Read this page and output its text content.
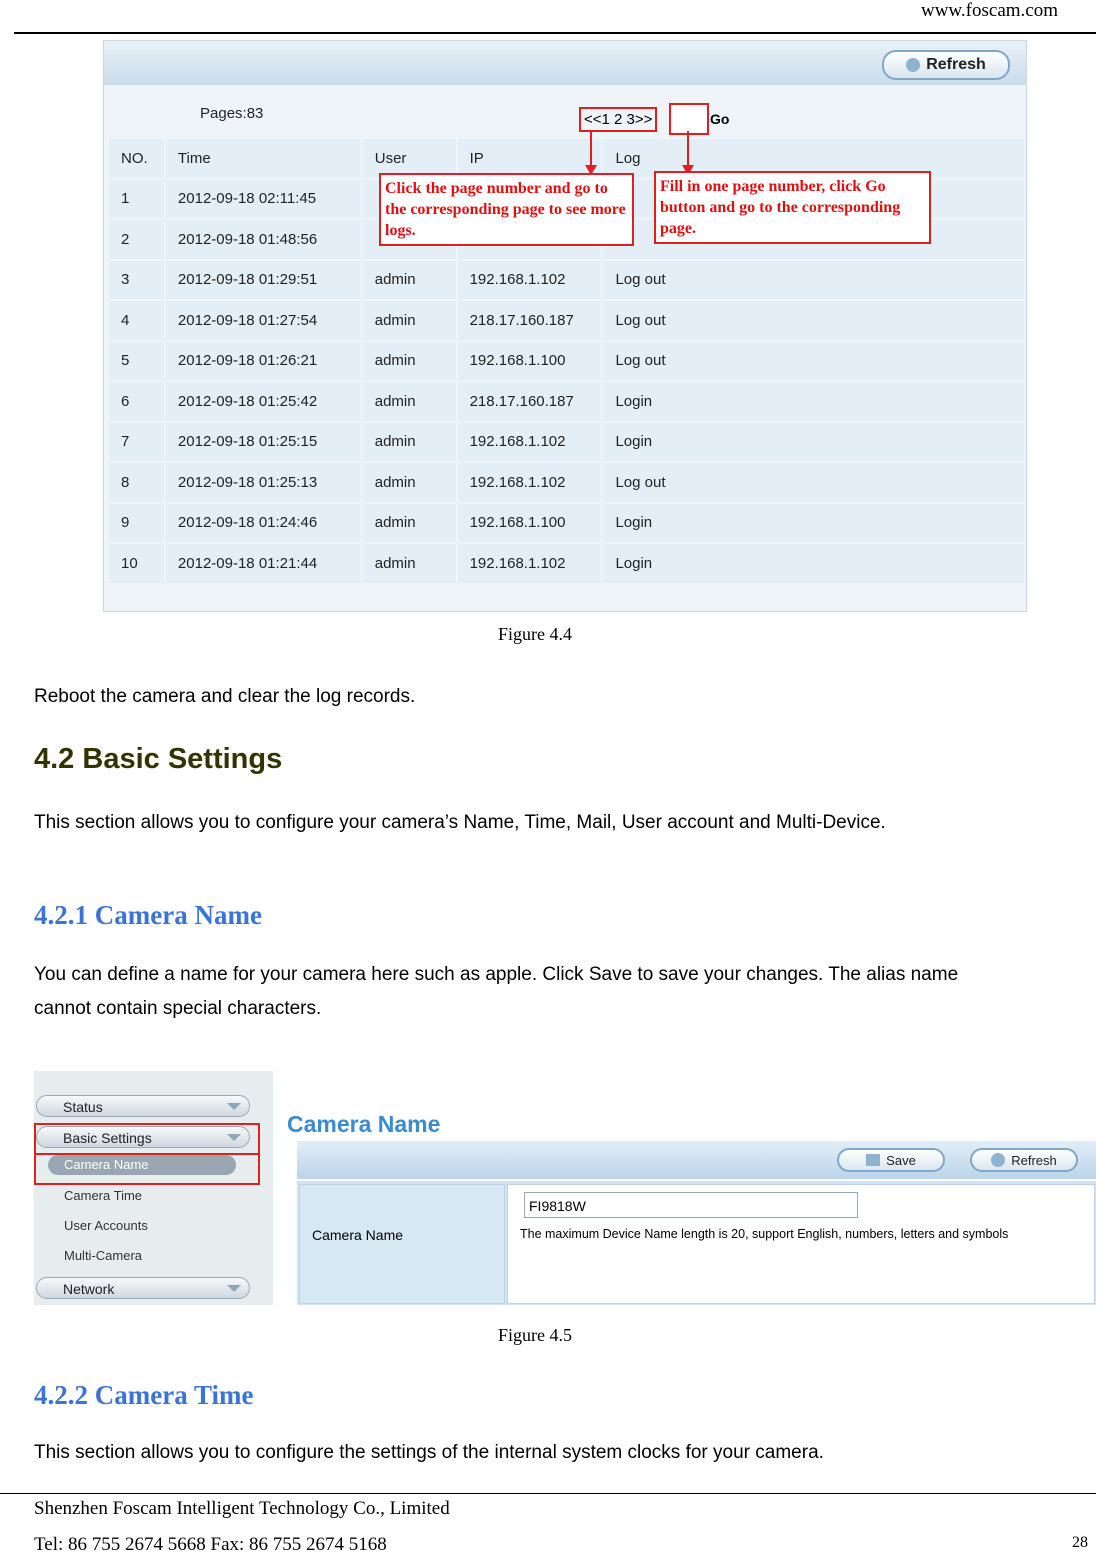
www.foscam.com
Refresh
Pages:83	<<1 2 3>>	Go
NO.	Time	User	IP	Log
1	2012-09-18 02:11:45			
2	2012-09-18 01:48:56			
3	2012-09-18 01:29:51	admin	192.168.1.102	Log out
4	2012-09-18 01:27:54	admin	218.17.160.187	Log out
5	2012-09-18 01:26:21	admin	192.168.1.100	Log out
6	2012-09-18 01:25:42	admin	218.17.160.187	Login
7	2012-09-18 01:25:15	admin	192.168.1.102	Login
8	2012-09-18 01:25:13	admin	192.168.1.102	Log out
9	2012-09-18 01:24:46	admin	192.168.1.100	Login
10	2012-09-18 01:21:44	admin	192.168.1.102	Login
Click the page number and go to the corresponding page to see more logs.
Fill in one page number, click Go button and go to the corresponding page.
Figure 4.4
Reboot the camera and clear the log records.
4.2 Basic Settings
This section allows you to configure your camera’s Name, Time, Mail, User account and Multi-Device.
4.2.1 Camera Name
You can define a name for your camera here such as apple. Click Save to save your changes. The alias name
cannot contain special characters.
Status
Basic Settings
Camera Name
Camera Time
User Accounts
Multi-Camera
Network
Camera Name
Save	Refresh
Camera Name
FI9818W
The maximum Device Name length is 20, support English, numbers, letters and symbols
Figure 4.5
4.2.2 Camera Time
This section allows you to configure the settings of the internal system clocks for your camera.
Shenzhen Foscam Intelligent Technology Co., Limited
Tel: 86 755 2674 5668 Fax: 86 755 2674 5168	28
